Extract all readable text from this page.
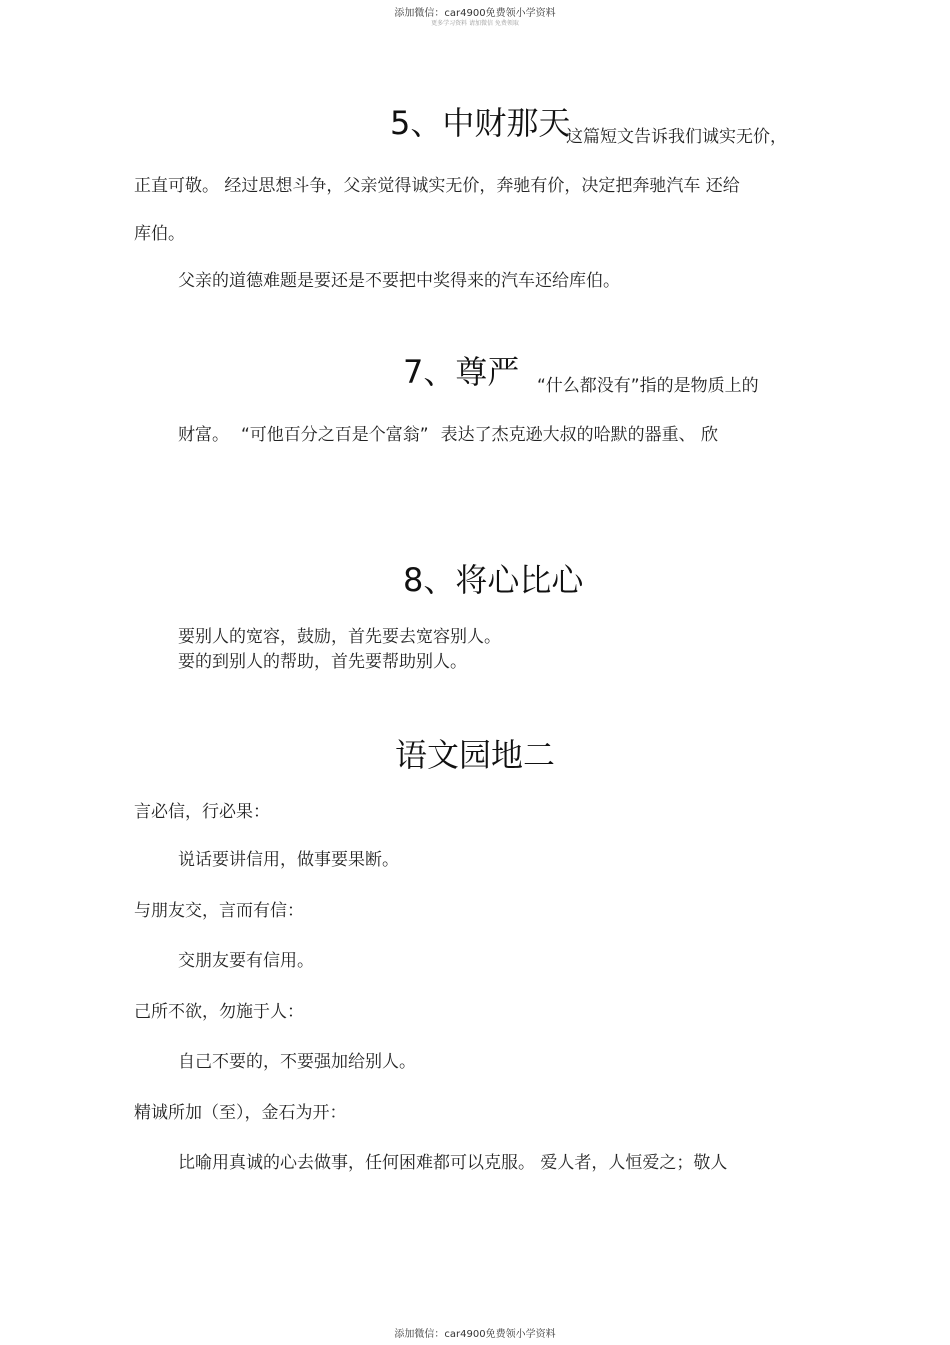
添加微信：car4900免费领小学资料
更多学习资料 请加微信 免费领取
5、中财那天
这篇短文告诉我们诚实无价，
正直可敬。 经过思想斗争，父亲觉得诚实无价，奔驰有价，决定把奔驰汽车 还给
库伯。
父亲的道德难题是要还是不要把中奖得来的汽车还给库伯。
7、尊严 “什么都没有”指的是物质上的
财富。 “可他百分之百是个富翁” 表达了杰克逊大叔的哈默的器重、 欣
8、将心比心
要别人的宽容，鼓励，首先要去宽容别人。
要的到别人的帮助，首先要帮助别人。
语文园地二
言必信，行必果：
说话要讲信用，做事要果断。
与朋友交，言而有信：
交朋友要有信用。
己所不欲，勿施于人：
自己不要的，不要强加给别人。
精诚所加（至），金石为开：
比喻用真诚的心去做事，任何困难都可以克服。 爱人者，人恒爱之；敬人
添加微信：car4900免费领小学资料
